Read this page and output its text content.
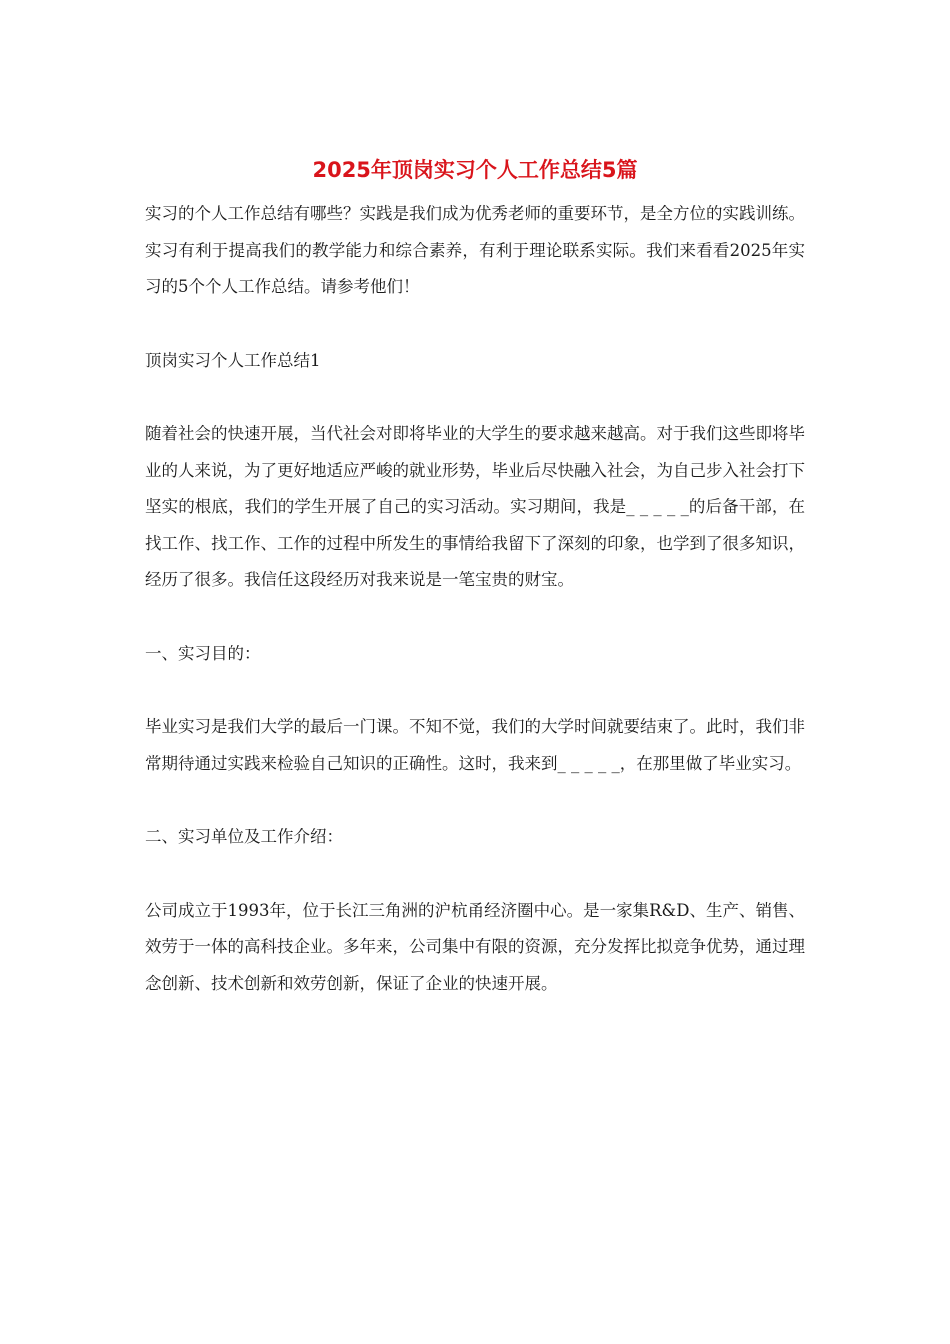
2025年顶岗实习个人工作总结5篇

实习的个人工作总结有哪些？实践是我们成为优秀老师的重要环节，是全方位的实践训练。实习有利于提高我们的教学能力和综合素养，有利于理论联系实际。我们来看看2025年实习的5个个人工作总结。请参考他们！

顶岗实习个人工作总结1

随着社会的快速开展，当代社会对即将毕业的大学生的要求越来越高。对于我们这些即将毕业的人来说，为了更好地适应严峻的就业形势，毕业后尽快融入社会，为自己步入社会打下坚实的根底，我们的学生开展了自己的实习活动。实习期间，我是_ _ _ _ _的后备干部，在找工作、找工作、工作的过程中所发生的事情给我留下了深刻的印象，也学到了很多知识，经历了很多。我信任这段经历对我来说是一笔宝贵的财宝。

一、实习目的：

毕业实习是我们大学的最后一门课。不知不觉，我们的大学时间就要结束了。此时，我们非常期待通过实践来检验自己知识的正确性。这时，我来到_ _ _ _ _，在那里做了毕业实习。

二、实习单位及工作介绍：

公司成立于1993年，位于长江三角洲的沪杭甬经济圈中心。是一家集R&D、生产、销售、效劳于一体的高科技企业。多年来，公司集中有限的资源，充分发挥比拟竞争优势，通过理念创新、技术创新和效劳创新，保证了企业的快速开展。
